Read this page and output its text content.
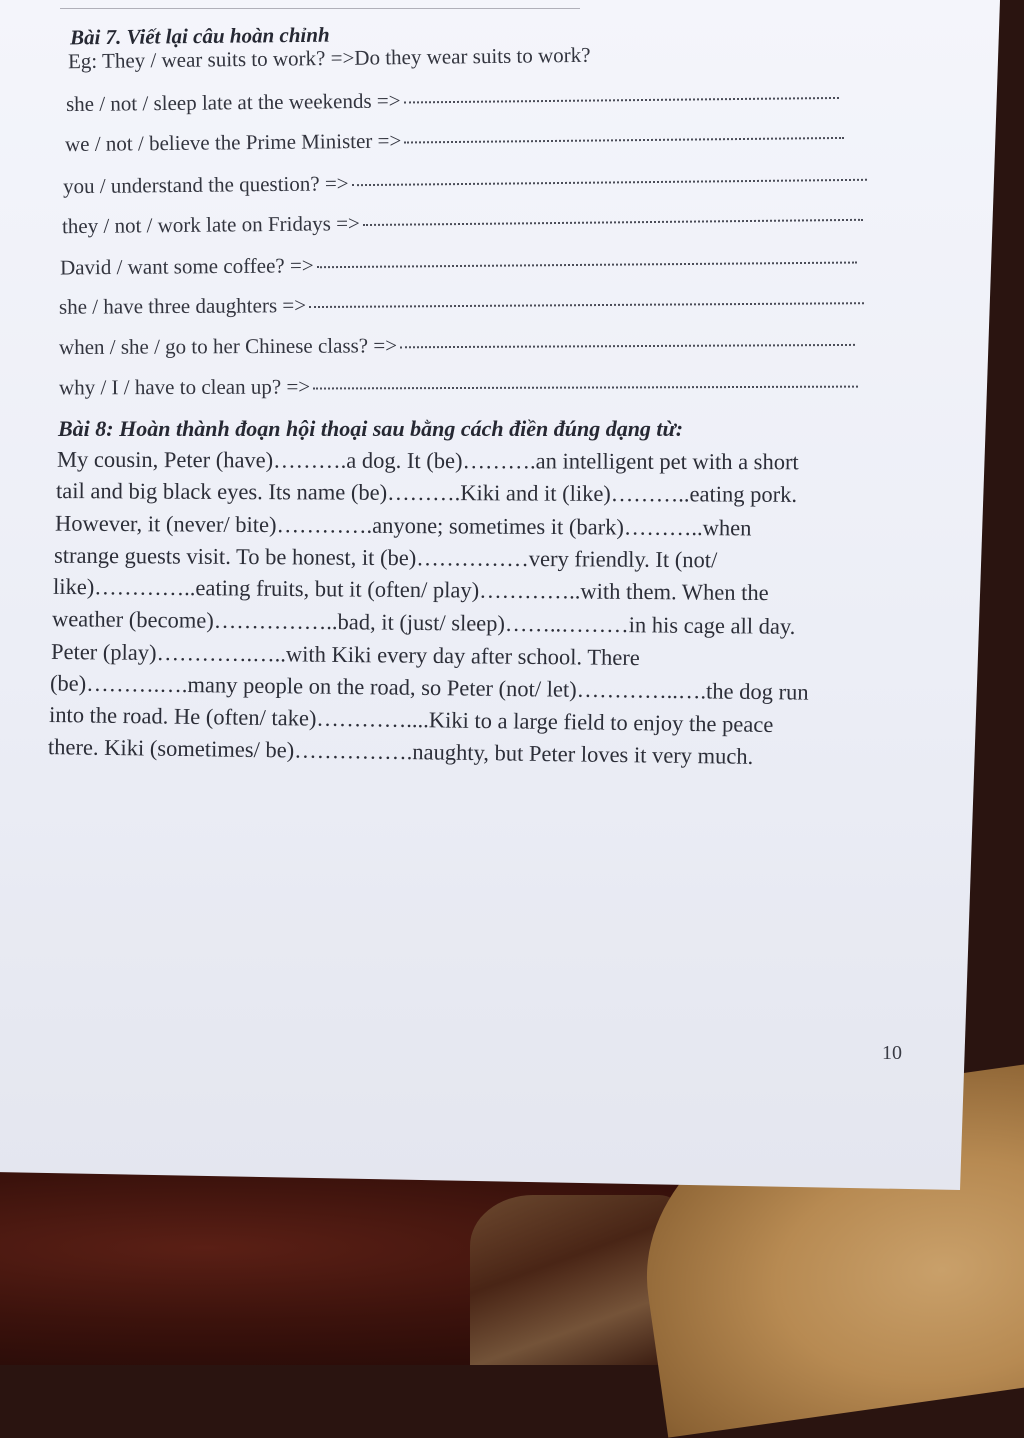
Bài 7. Viết lại câu hoàn chỉnh
Eg: They / wear suits to work? =>Do they wear suits to work?
she / not / sleep late at the weekends =>
we / not / believe the Prime Minister =>
you / understand the question? =>
they / not / work late on Fridays =>
David / want some coffee? =>
she / have three daughters =>
when / she / go to her Chinese class? =>
why / I / have to clean up? =>
Bài 8: Hoàn thành đoạn hội thoại sau bằng cách điền đúng dạng từ:
My cousin, Peter (have)……….a dog. It (be)……….an intelligent pet with a short
tail and big black eyes. Its name (be)……….Kiki and it (like)………..eating pork.
However, it (never/ bite)………….anyone; sometimes it (bark)………..when
strange guests visit. To be honest, it (be)……………very friendly. It (not/
like)…………..eating fruits, but it (often/ play)…………..with them. When the
weather (become)……………..bad, it (just/ sleep)……..………in his cage all day.
Peter (play)………….…..with Kiki every day after school. There
(be)……….….many people on the road, so Peter (not/ let)…………..….the dog run
into the road. He (often/ take)…………....Kiki to a large field to enjoy the peace
there. Kiki (sometimes/ be)…………….naughty, but Peter loves it very much.
10
